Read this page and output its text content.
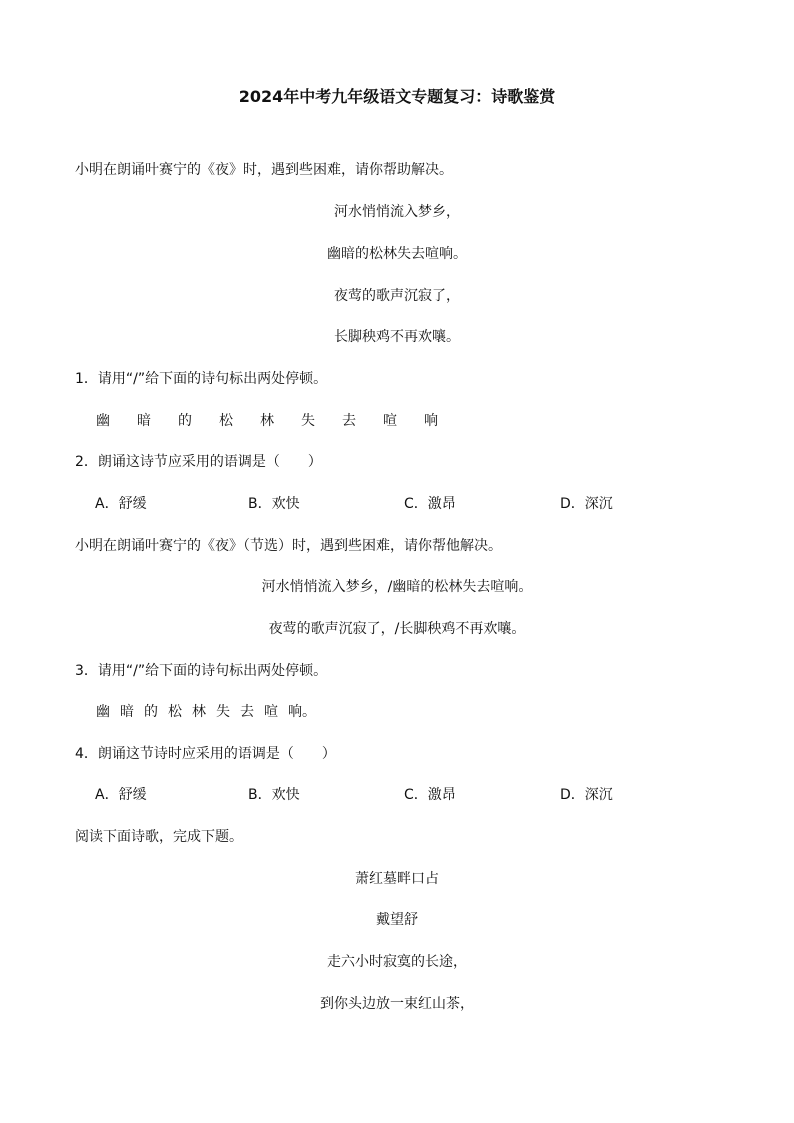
2024年中考九年级语文专题复习：诗歌鉴赏
小明在朗诵叶赛宁的《夜》时，遇到些困难，请你帮助解决。
河水悄悄流入梦乡，
幽暗的松林失去喧响。
夜莺的歌声沉寂了，
长脚秧鸡不再欢嚷。
1．请用“/”给下面的诗句标出两处停顿。
幽 暗 的 松 林 失 去 喧 响
2．朗诵这诗节应采用的语调是（　　）
A．舒缓	B．欢快	C．激昂	D．深沉
小明在朗诵叶赛宁的《夜》（节选）时，遇到些困难，请你帮他解决。
河水悄悄流入梦乡，/幽暗的松林失去喧响。
夜莺的歌声沉寂了，/长脚秧鸡不再欢嚷。
3．请用“/”给下面的诗句标出两处停顿。
幽 暗 的 松 林 失 去 喧 响。
4．朗诵这节诗时应采用的语调是（　　）
A．舒缓	B．欢快	C．激昂	D．深沉
阅读下面诗歌，完成下题。
萧红墓畔口占
戴望舒
走六小时寂寞的长途，
到你头边放一束红山茶，
